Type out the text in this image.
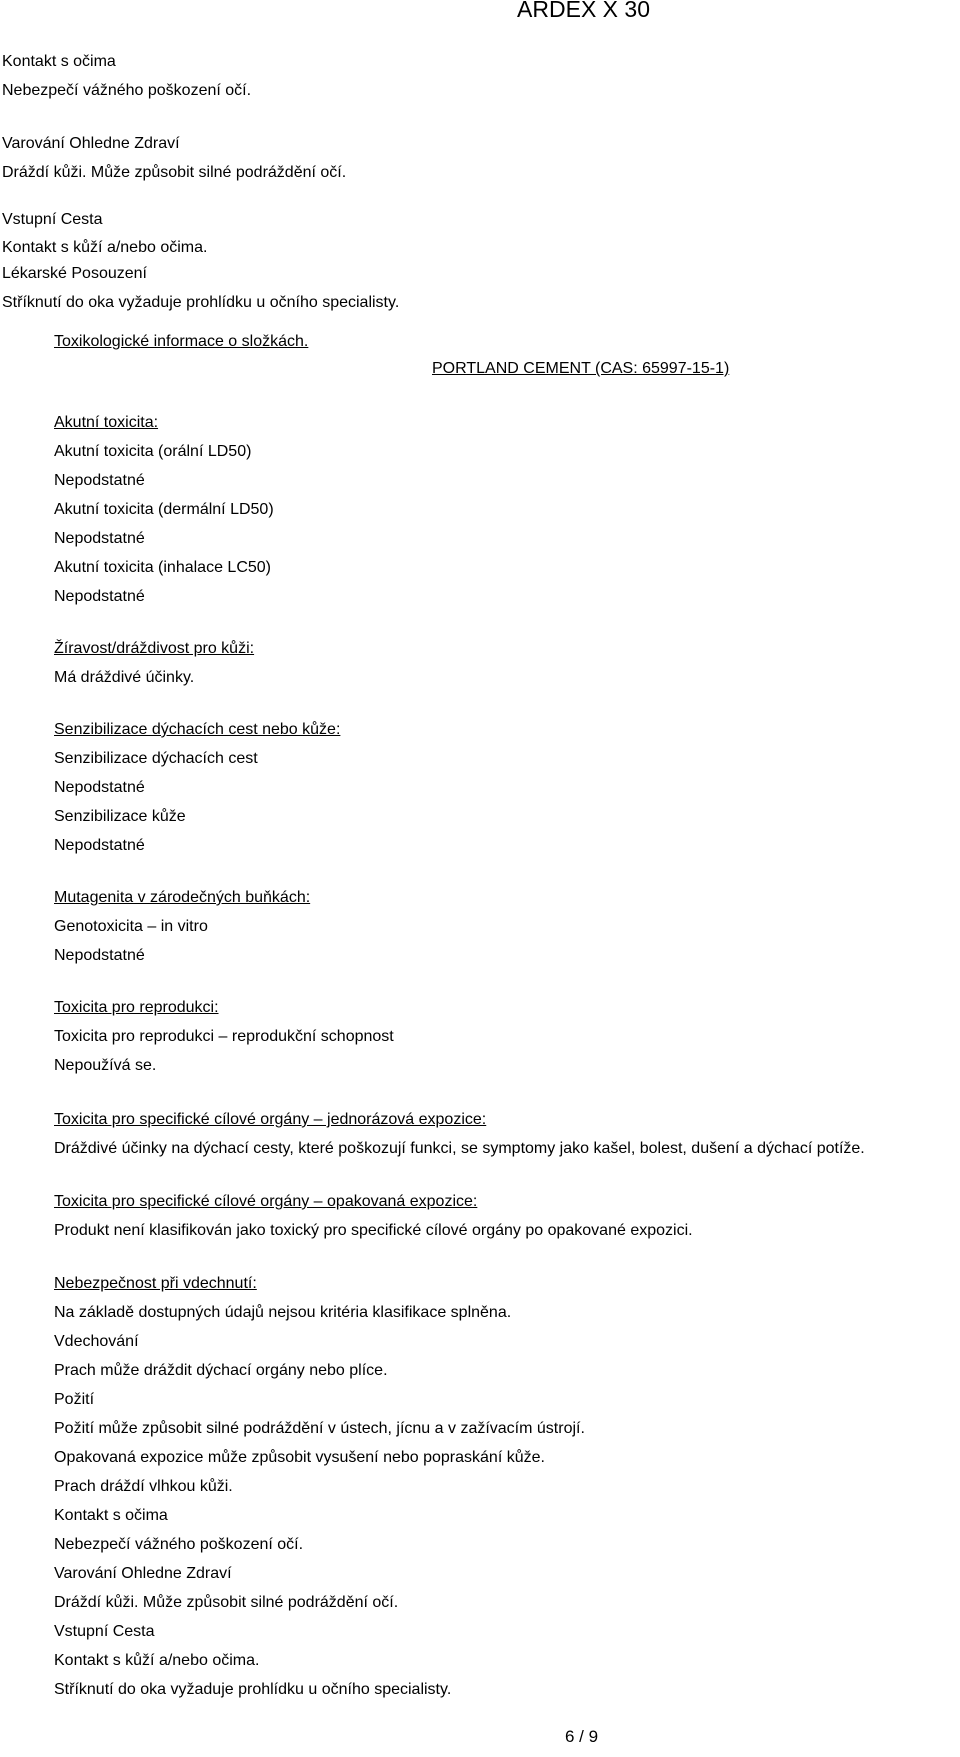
ARDEX X 30
Kontakt s očima
Nebezpečí vážného poškození očí.
Varování Ohledne Zdraví
Dráždí kůži. Může způsobit silné podráždění očí.
Vstupní Cesta
Kontakt s kůží a/nebo očima.
Lékarské Posouzení
Stříknutí do oka vyžaduje prohlídku u očního specialisty.
Toxikologické informace o složkách.
PORTLAND CEMENT (CAS: 65997-15-1)
Akutní toxicita:
Akutní toxicita (orální LD50)
Nepodstatné
Akutní toxicita (dermální LD50)
Nepodstatné
Akutní toxicita (inhalace LC50)
Nepodstatné
Žíravost/dráždivost pro kůži:
Má dráždivé účinky.
Senzibilizace dýchacích cest nebo kůže:
Senzibilizace dýchacích cest
Nepodstatné
Senzibilizace kůže
Nepodstatné
Mutagenita v zárodečných buňkách:
Genotoxicita – in vitro
Nepodstatné
Toxicita pro reprodukci:
Toxicita pro reprodukci – reprodukční schopnost
Nepoužívá se.
Toxicita pro specifické cílové orgány – jednorázová expozice:
Dráždivé účinky na dýchací cesty, které poškozují funkci, se symptomy jako kašel, bolest, dušení a dýchací potíže.
Toxicita pro specifické cílové orgány – opakovaná expozice:
Produkt není klasifikován jako toxický pro specifické cílové orgány po opakované expozici.
Nebezpečnost při vdechnutí:
Na základě dostupných údajů nejsou kritéria klasifikace splněna.
Vdechování
Prach může dráždit dýchací orgány nebo plíce.
Požití
Požití může způsobit silné podráždění v ústech, jícnu a v zažívacím ústrojí.
Opakovaná expozice může způsobit vysušení nebo popraskání kůže.
Prach dráždí vlhkou kůži.
Kontakt s očima
Nebezpečí vážného poškození očí.
Varování Ohledne Zdraví
Dráždí kůži. Může způsobit silné podráždění očí.
Vstupní Cesta
Kontakt s kůží a/nebo očima.
Stříknutí do oka vyžaduje prohlídku u očního specialisty.
6 / 9
